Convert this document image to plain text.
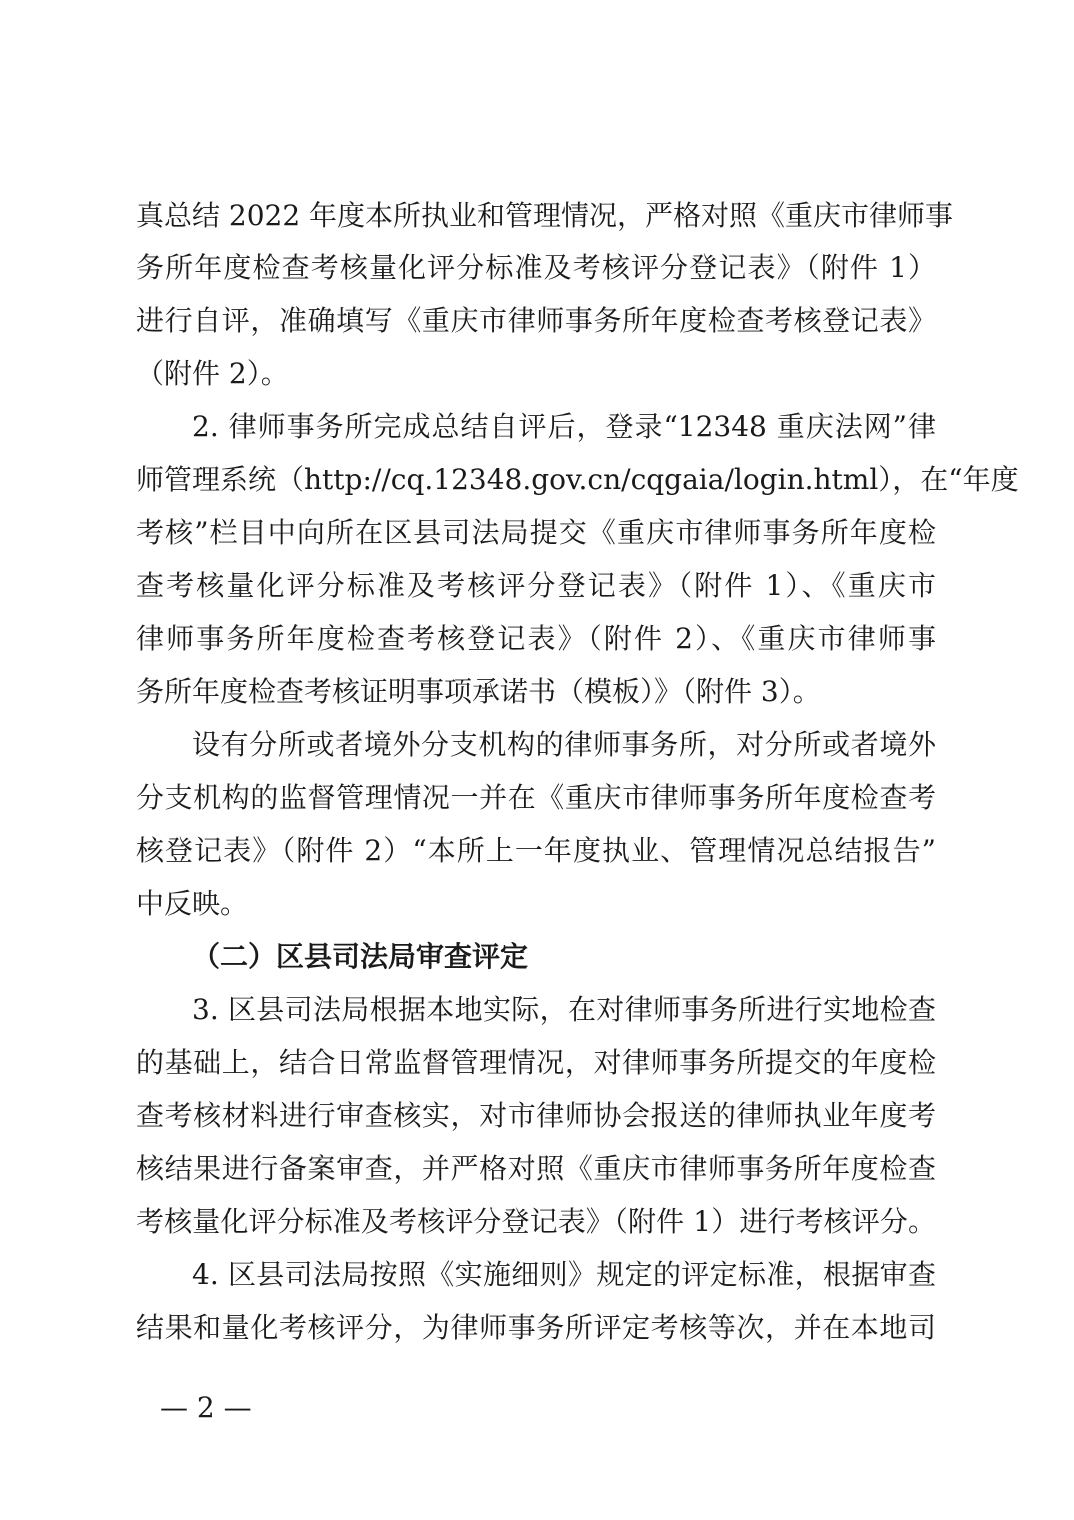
真总结 2022 年度本所执业和管理情况，严格对照《重庆市律师事
务所年度检查考核量化评分标准及考核评分登记表》（附件 1）
进行自评，准确填写《重庆市律师事务所年度检查考核登记表》
（附件 2）。
2. 律师事务所完成总结自评后，登录“12348 重庆法网”律
师管理系统（http://cq.12348.gov.cn/cqgaia/login.html），在“年度
考核”栏目中向所在区县司法局提交《重庆市律师事务所年度检
查考核量化评分标准及考核评分登记表》（附件 1）、《重庆市
律师事务所年度检查考核登记表》（附件 2）、《重庆市律师事
务所年度检查考核证明事项承诺书（模板）》（附件 3）。
设有分所或者境外分支机构的律师事务所，对分所或者境外
分支机构的监督管理情况一并在《重庆市律师事务所年度检查考
核登记表》（附件 2）“本所上一年度执业、管理情况总结报告”
中反映。
（二）区县司法局审查评定
3. 区县司法局根据本地实际，在对律师事务所进行实地检查
的基础上，结合日常监督管理情况，对律师事务所提交的年度检
查考核材料进行审查核实，对市律师协会报送的律师执业年度考
核结果进行备案审查，并严格对照《重庆市律师事务所年度检查
考核量化评分标准及考核评分登记表》（附件 1）进行考核评分。
4. 区县司法局按照《实施细则》规定的评定标准，根据审查
结果和量化考核评分，为律师事务所评定考核等次，并在本地司
— 2 —
